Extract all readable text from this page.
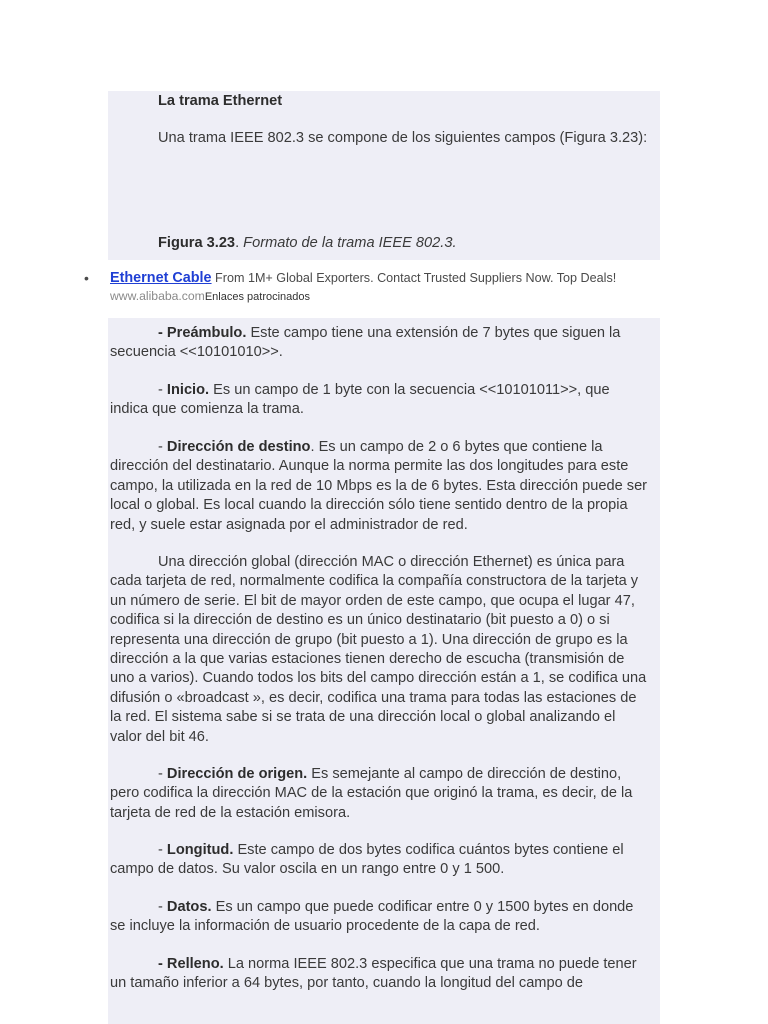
La trama Ethernet

Una trama IEEE 802.3 se compone de los siguientes campos (Figura 3.23):

Figura 3.23. Formato de la trama IEEE 802.3.
• Ethernet Cable From 1M+ Global Exporters. Contact Trusted Suppliers Now. Top Deals!
www.alibaba.comEnlaces patrocinados

- Preámbulo. Este campo tiene una extensión de 7 bytes que siguen la secuencia <<10101010>>.

- Inicio. Es un campo de 1 byte con la secuencia <<10101011>>, que indica que comienza la trama.

- Dirección de destino. Es un campo de 2 o 6 bytes que contiene la dirección del destinatario. Aunque la norma permite las dos longitudes para este campo, la utilizada en la red de 10 Mbps es la de 6 bytes. Esta dirección puede ser local o global. Es local cuando la dirección sólo tiene sentido dentro de la propia red, y suele estar asignada por el administrador de red.

Una dirección global (dirección MAC o dirección Ethernet) es única para cada tarjeta de red, normalmente codifica la compañía constructora de la tarjeta y un número de serie. El bit de mayor orden de este campo, que ocupa el lugar 47, codifica si la dirección de destino es un único destinatario (bit puesto a 0) o si representa una dirección de grupo (bit puesto a 1). Una dirección de grupo es la dirección a la que varias estaciones tienen derecho de escucha (transmisión de uno a varios). Cuando todos los bits del campo dirección están a 1, se codifica una difusión o «broadcast », es decir, codifica una trama para todas las estaciones de la red. El sistema sabe si se trata de una dirección local o global analizando el valor del bit 46.

- Dirección de origen. Es semejante al campo de dirección de destino, pero codifica la dirección MAC de la estación que originó la trama, es decir, de la tarjeta de red de la estación emisora.

- Longitud. Este campo de dos bytes codifica cuántos bytes contiene el campo de datos. Su valor oscila en un rango entre 0 y 1 500.

- Datos. Es un campo que puede codificar entre 0 y 1500 bytes en donde se incluye la información de usuario procedente de la capa de red.

- Relleno. La norma IEEE 802.3 especifica que una trama no puede tener un tamaño inferior a 64 bytes, por tanto, cuando la longitud del campo de
